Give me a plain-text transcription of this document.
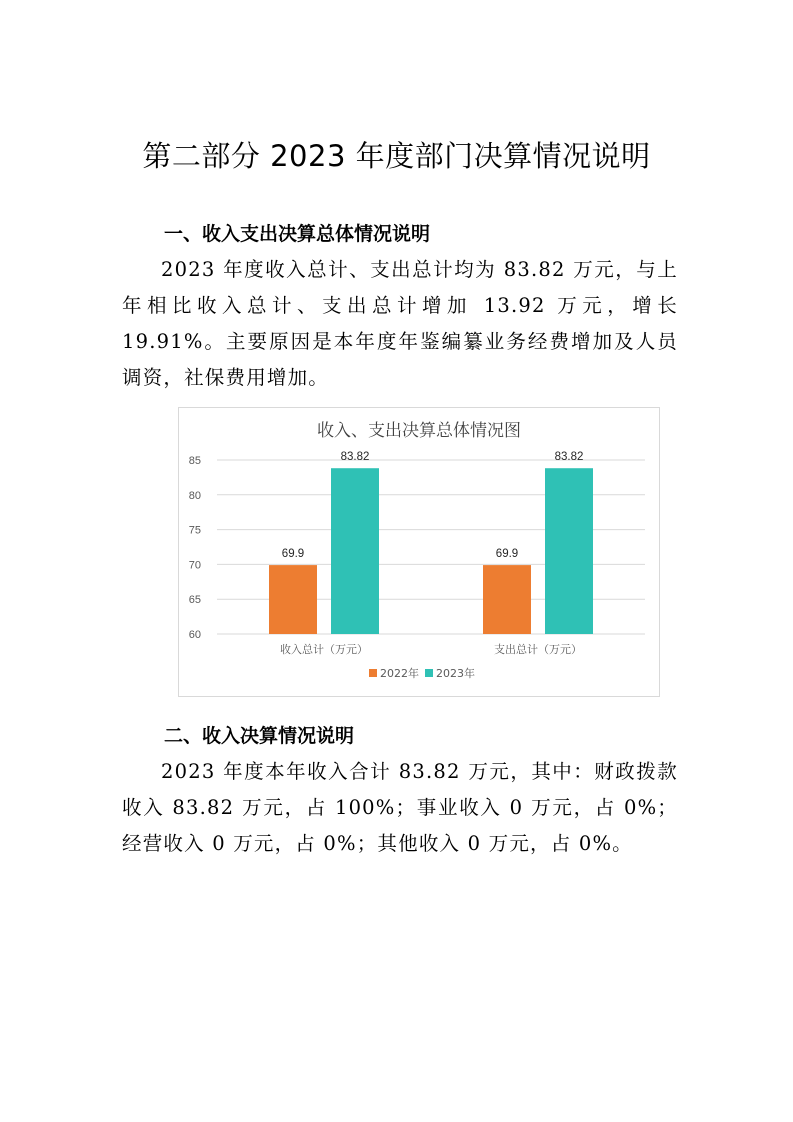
第二部分 2023 年度部门决算情况说明
一、收入支出决算总体情况说明
2023 年度收入总计、支出总计均为 83.82 万元，与上年相比收入总计、支出总计增加 13.92 万元，增长 19.91%。主要原因是本年度年鉴编纂业务经费增加及人员调资，社保费用增加。
收入、支出决算总体情况图
60
65
70
75
80
85
69.9
83.82
69.9
83.82
收入总计（万元）	支出总计（万元）
2022年 2023年
二、收入决算情况说明
2023 年度本年收入合计 83.82 万元，其中：财政拨款收入 83.82 万元，占 100%；事业收入 0 万元，占 0%；经营收入 0 万元，占 0%；其他收入 0 万元，占 0%。
